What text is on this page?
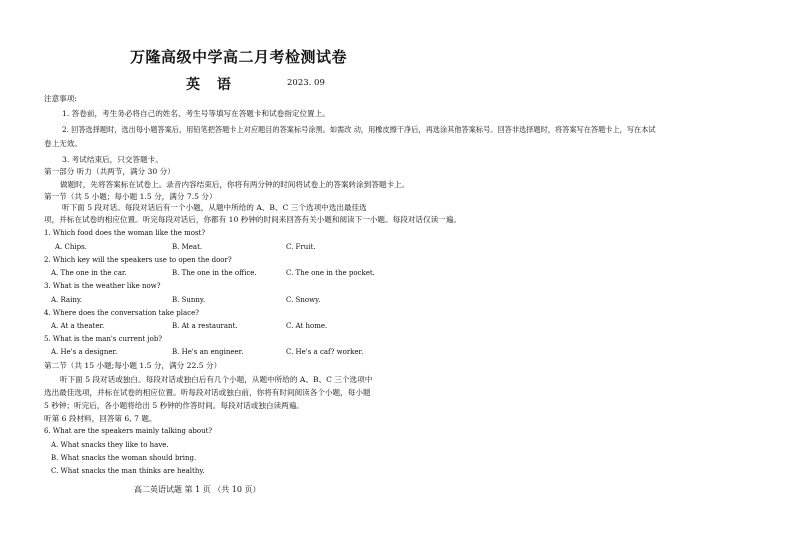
万隆高级中学高二月考检测试卷
英 语	2023. 09
注意事项:
1. 答卷前，考生务必将自己的姓名、考生号等填写在答题卡和试卷指定位置上。
2. 回答选择题时，选出每小题答案后，用铅笔把答题卡上对应题目的答案标号涂黑。如需改 动，用橡皮擦干净后，再选涂其他答案标号。回答非选择题时，将答案写在答题卡上，写在本试
卷上无效。
3. 考试结束后，只交答题卡。
第一部分 听力（共两节，满分 30 分）
做题时，先将答案标在试卷上。录音内容结束后，你将有两分钟的时间将试卷上的答案转涂到答题卡上。
第一节（共 5 小题；每小题 1.5 分，满分 7.5 分）
听下面 5 段对话。每段对话后有一个小题，从题中所给的 A、B、C 三个选项中选出最佳选
项，并标在试卷的相应位置。听完每段对话后，你都有 10 秒钟的时间来回答有关小题和阅读下一小题。每段对话仅读一遍。
1. Which food does the woman like the most?
A. Chips.	B. Meat.	C. Fruit.
2. Which key will the speakers use to open the door?
A. The one in the car.	B. The one in the office.	C. The one in the pocket.
3. What is the weather like now?
A. Rainy.	B. Sunny.	C. Snowy.
4. Where does the conversation take place?
A. At a theater.	B. At a restaurant.	C. At home.
5. What is the man's current job?
A. He's a designer.	B. He's an engineer.	C. He's a caf? worker.
第二节（共 15 小题;每小题 1.5 分，满分 22.5 分）
听下面 5 段对话或独白。每段对话或独白后有几个小题，从题中所给的 A、B、C 三个选项中
选出最佳选项，并标在试卷的相应位置。听每段对话或独白前，你将有时间阅读各个小题，每小题
5 秒钟；听完后，各小题将给出 5 秒钟的作答时间。每段对话或独白读两遍。
听第 6 段材料，回答第 6, 7 题。
6. What are the speakers mainly talking about?
A. What snacks they like to have.
B. What snacks the woman should bring.
C. What snacks the man thinks are healthy.
高二英语试题 第 1 页 （共 10 页）
